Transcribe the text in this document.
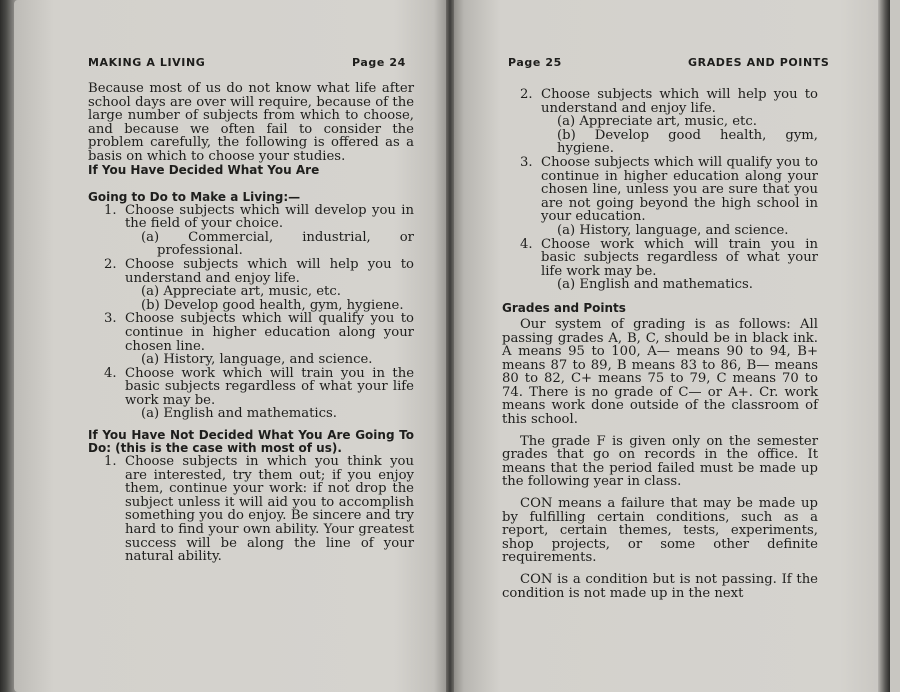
MAKING A LIVING	Page 24

Because most of us do not know what life after school days are over will require, because of the large number of subjects from which to choose, and because we often fail to consider the problem carefully, the following is offered as a basis on which to choose your studies.

If You Have Decided What You Are

Going to Do to Make a Living:—

1. Choose subjects which will develop you in the field of your choice.

(a) Commercial, industrial, or professional.

2. Choose subjects which will help you to understand and enjoy life.

(a) Appreciate art, music, etc.

(b) Develop good health, gym, hygiene.

3. Choose subjects which will qualify you to continue in higher education along your chosen line.

(a) History, language, and science.

4. Choose work which will train you in the basic subjects regardless of what your life work may be.

(a) English and mathematics.

If You Have Not Decided What You Are Going To Do: (this is the case with most of us).

1. Choose subjects in which you think you are interested, try them out; if you enjoy them, continue your work: if not drop the subject unless it will aid you to accomplish something you do enjoy. Be sincere and try hard to find your own ability. Your greatest success will be along the line of your natural ability.

Page 25	GRADES AND POINTS
2. Choose subjects which will help you to understand and enjoy life.

(a) Appreciate art, music, etc.

(b) Develop good health, gym, hygiene.

3. Choose subjects which will qualify you to continue in higher education along your chosen line, unless you are sure that you are not going beyond the high school in your education.

(a) History, language, and science.

4. Choose work which will train you in basic subjects regardless of what your life work may be.

(a) English and mathematics.

Grades and Points

Our system of grading is as follows: All passing grades A, B, C, should be in black ink. A means 95 to 100, A— means 90 to 94, B+ means 87 to 89, B means 83 to 86, B— means 80 to 82, C+ means 75 to 79, C means 70 to 74. There is no grade of C— or A+. Cr. work means work done outside of the classroom of this school.

The grade F is given only on the semester grades that go on records in the office. It means that the period failed must be made up the following year in class.

CON means a failure that may be made up by fulfilling certain conditions, such as a report, certain themes, tests, experiments, shop projects, or some other definite requirements.

CON is a condition but is not passing. If the condition is not made up in the next
